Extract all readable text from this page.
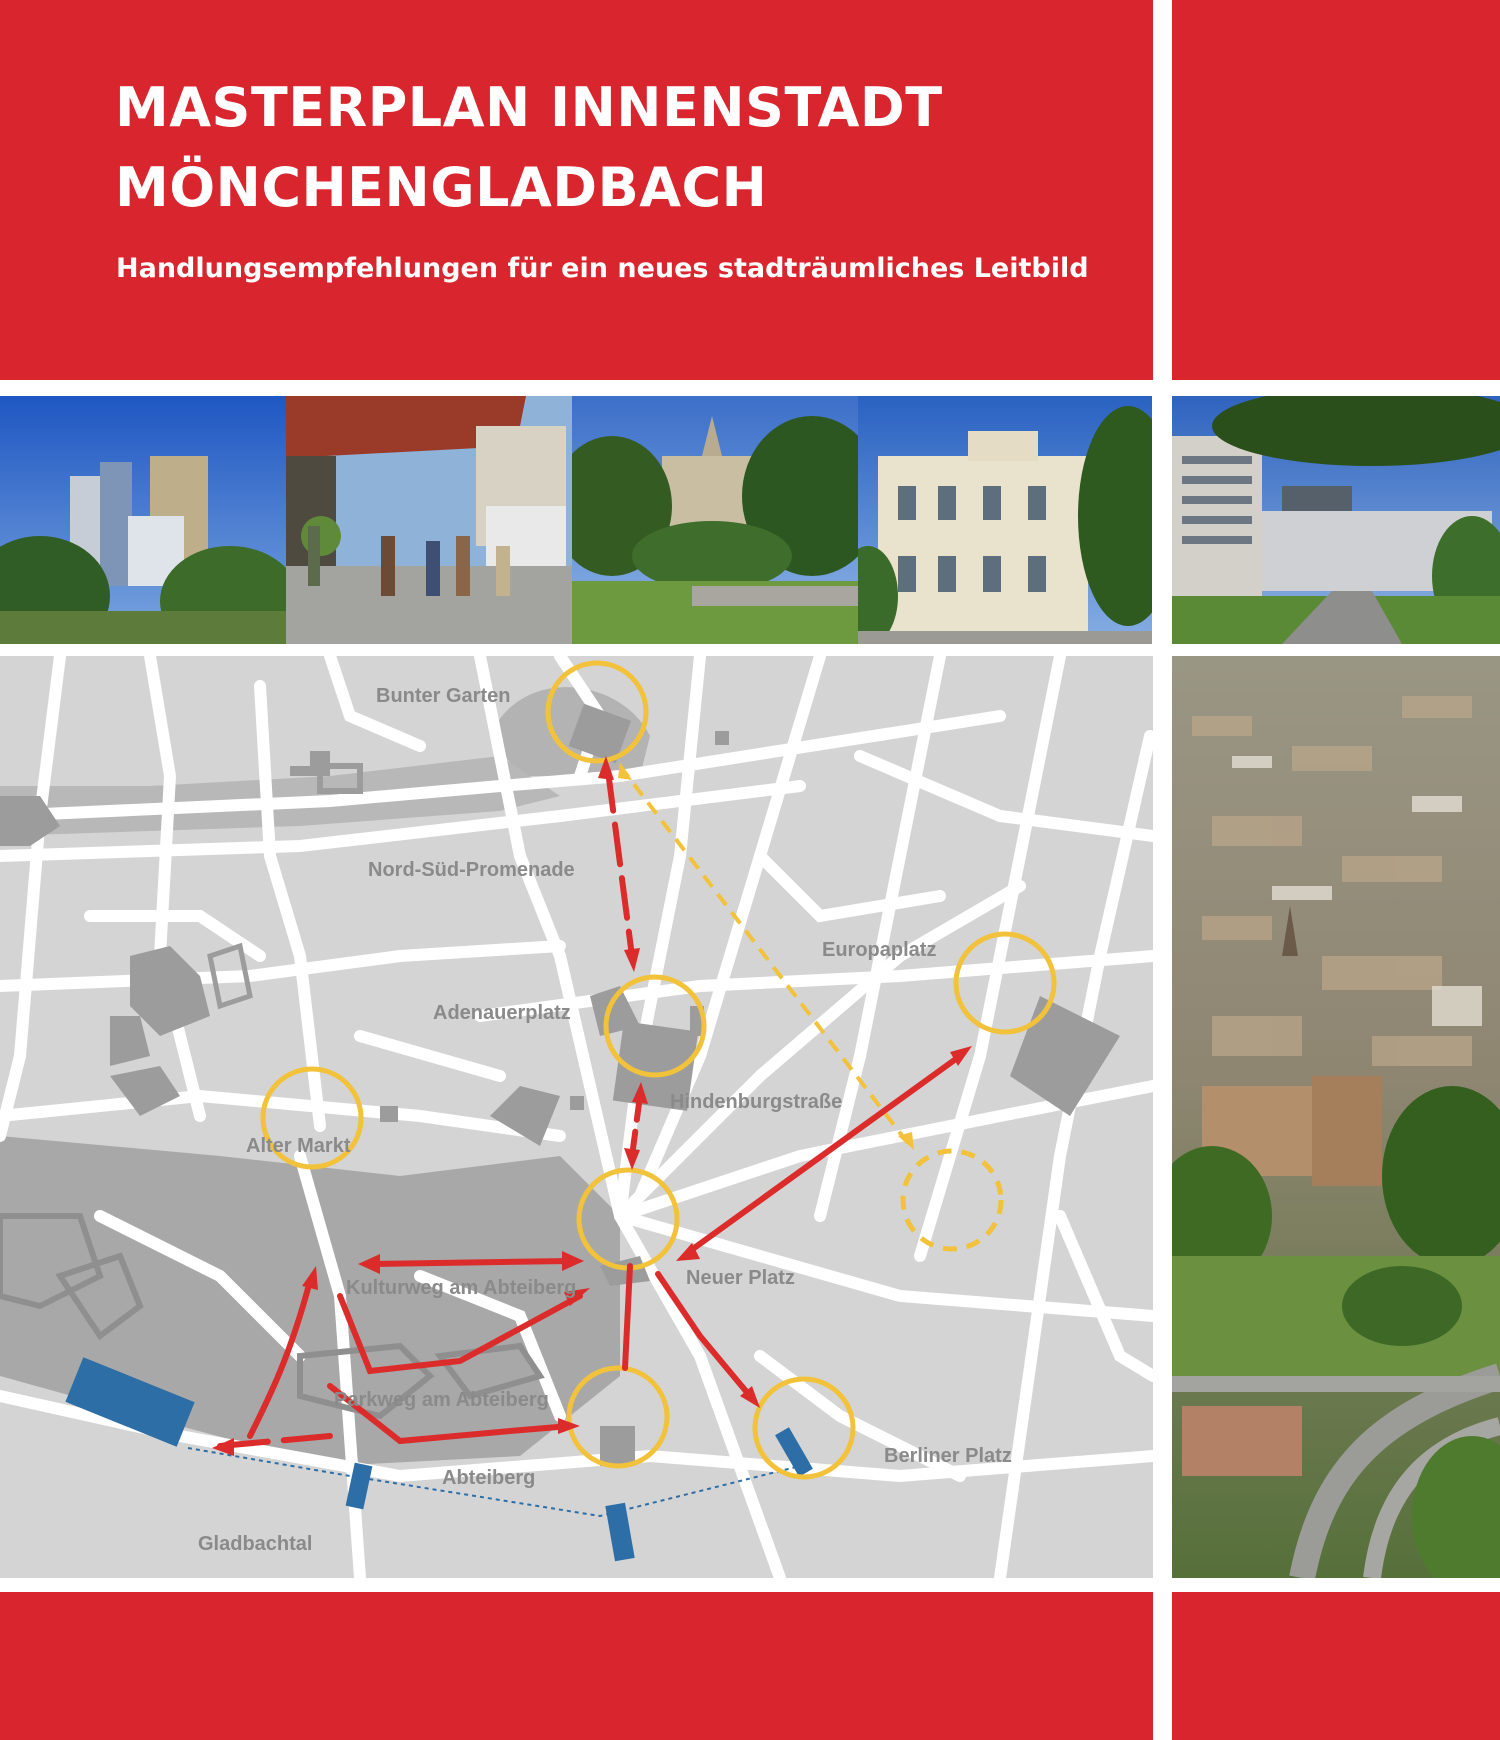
MASTERPLAN INNENSTADT
MÖNCHENGLADBACH

Handlungsempfehlungen für ein neues stadträumliches Leitbild

Bunter Garten
Nord-Süd-Promenade
Europaplatz
Adenauerplatz
Hindenburgstraße
Alter Markt
Kulturweg am Abteiberg	Neuer Platz
Parkweg am Abteiberg
Abteiberg
Berliner Platz
Gladbachtal
